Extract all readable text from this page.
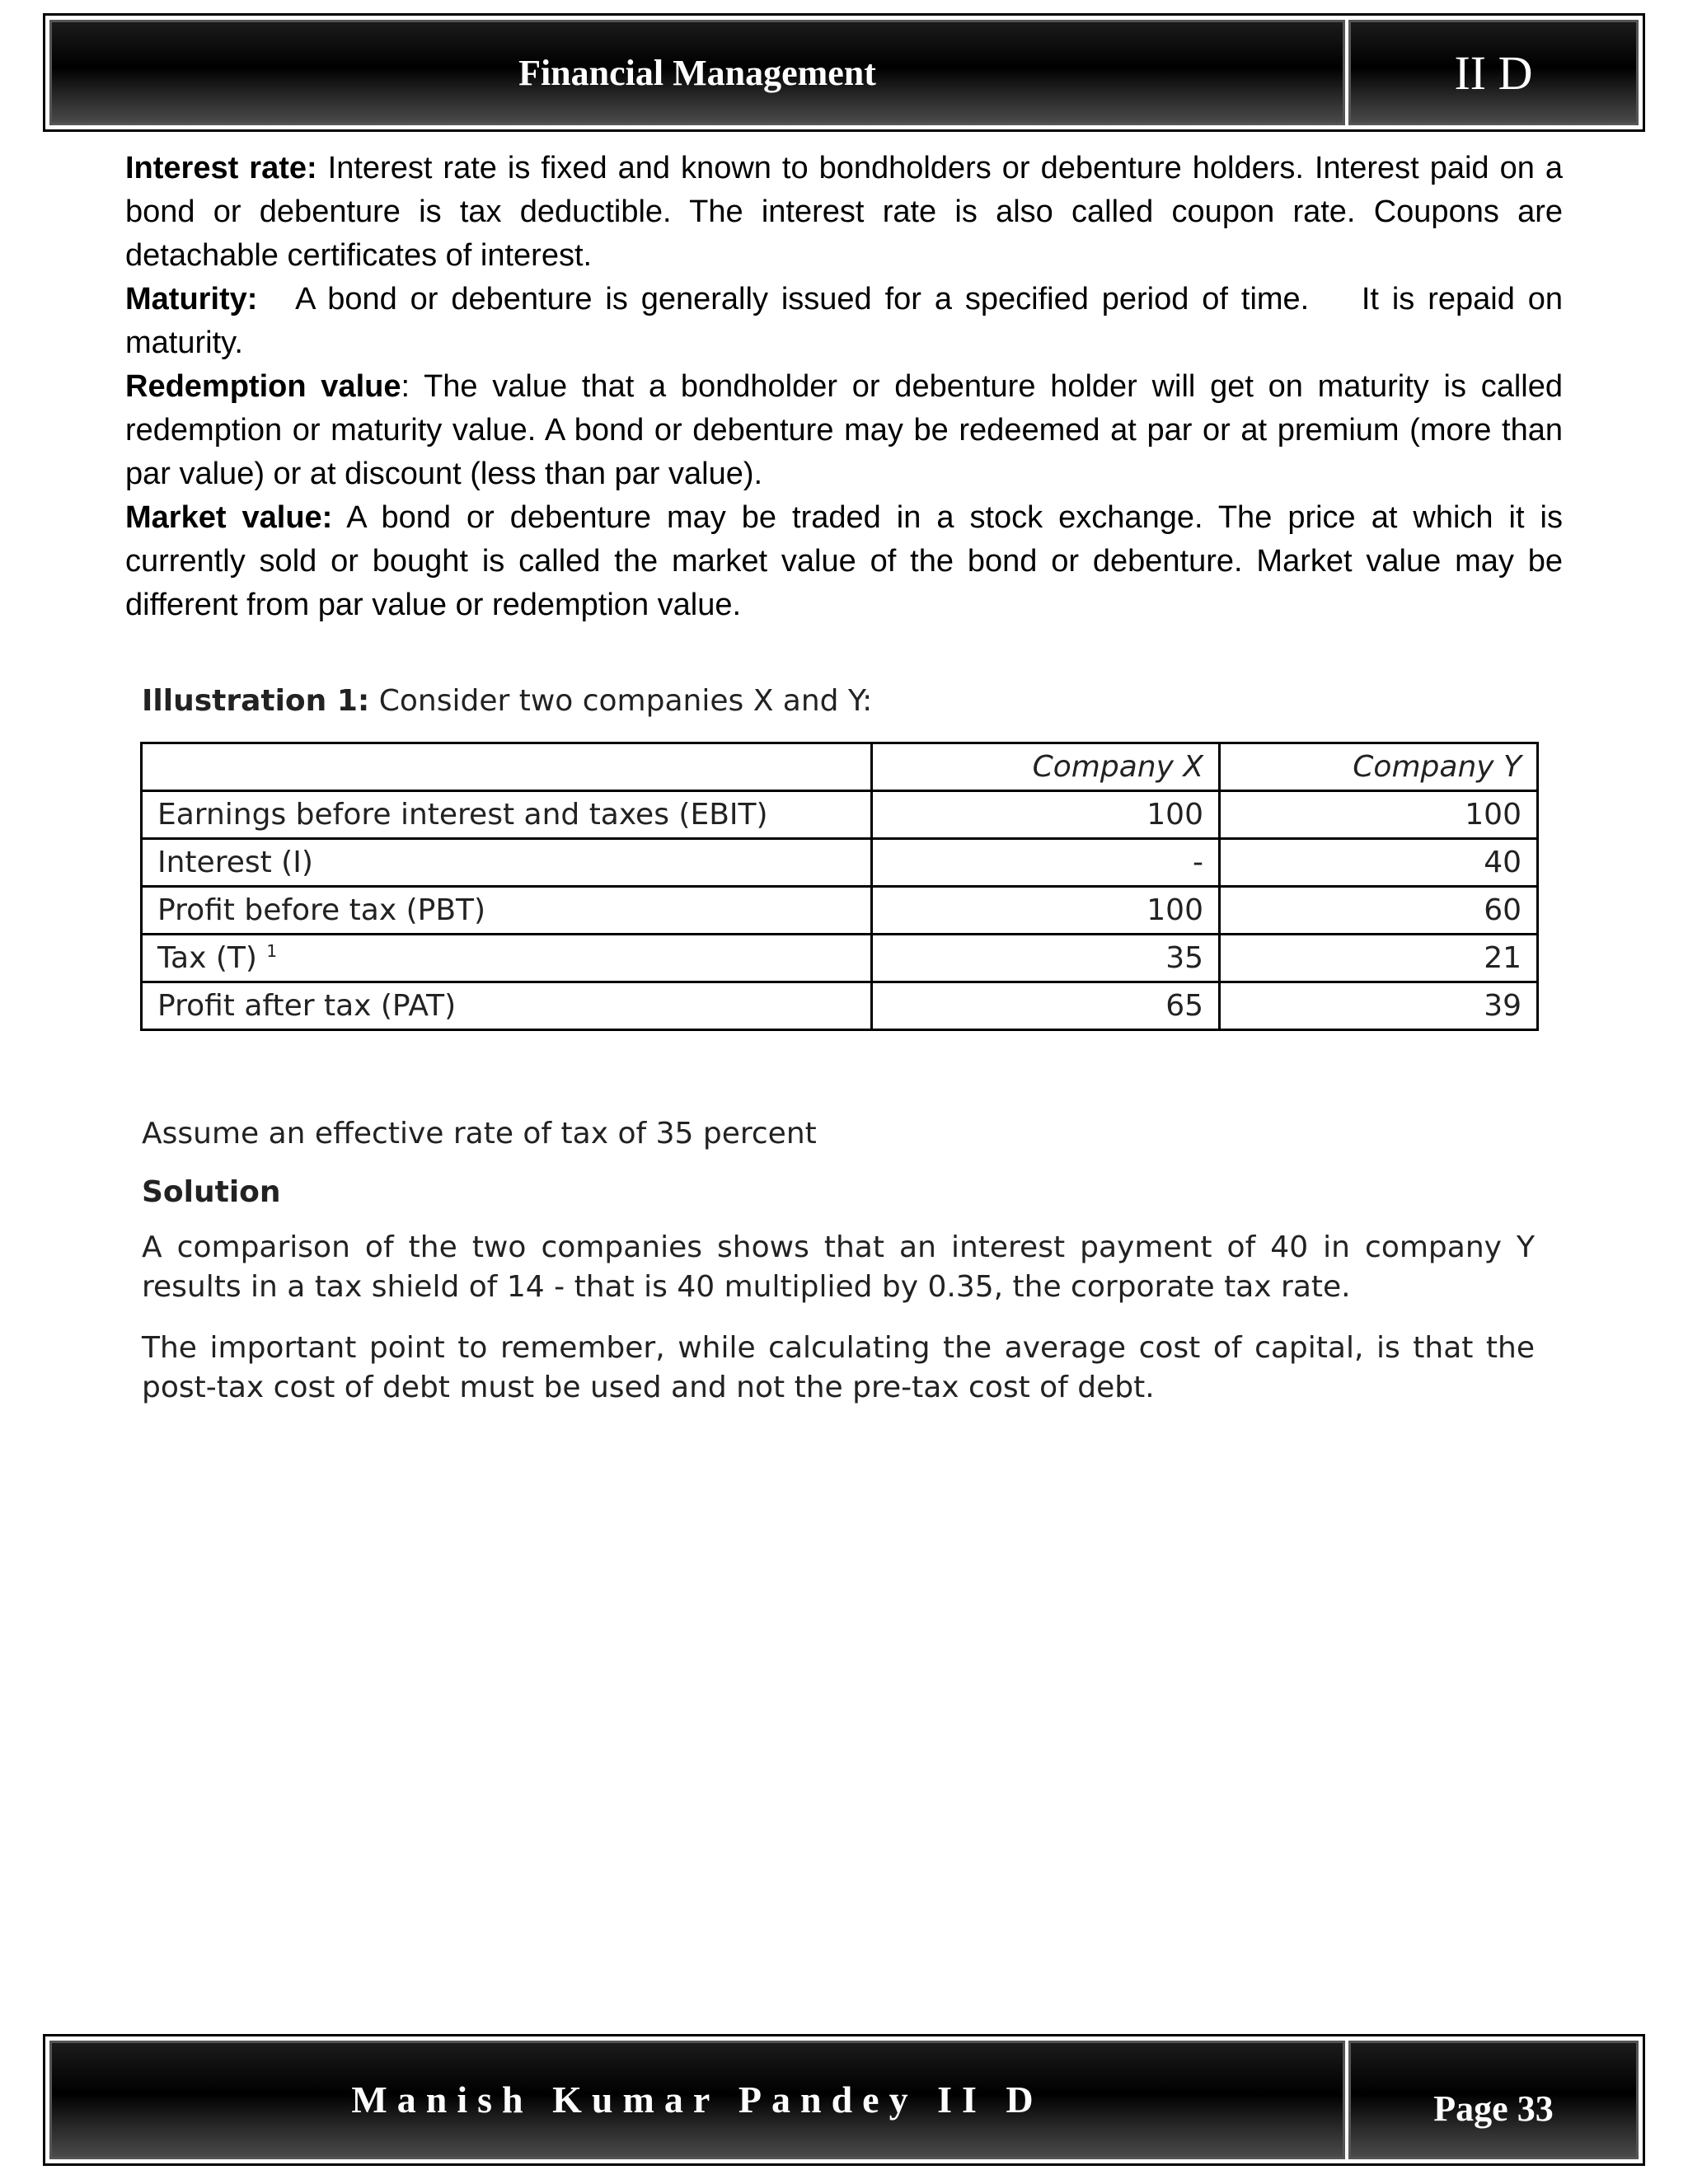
Financial Management	II D

Interest rate: Interest rate is fixed and known to bondholders or debenture holders. Interest paid on a bond or debenture is tax deductible. The interest rate is also called coupon rate. Coupons are detachable certificates of interest.

Maturity:   A bond or debenture is generally issued for a specified period of time.    It is repaid on maturity.

Redemption value: The value that a bondholder or debenture holder will get on maturity is called redemption or maturity value. A bond or debenture may be redeemed at par or at premium (more than par value) or at discount (less than par value).

Market value: A bond or debenture may be traded in a stock exchange. The price at which it is currently sold or bought is called the market value of the bond or debenture. Market value may be different from par value or redemption value.

Illustration 1: Consider two companies X and Y:
	Company X	Company Y
Earnings before interest and taxes (EBIT)	100	100
Interest (I)	-	40
Profit before tax (PBT)	100	60
Tax (T) $^1$	35	21
Profit after tax (PAT)	65	39
Assume an effective rate of tax of 35 percent
Solution
A comparison of the two companies shows that an interest payment of 40 in company Y results in a tax shield of 14 - that is 40 multiplied by 0.35, the corporate tax rate.
The important point to remember, while calculating the average cost of capital, is that the post-tax cost of debt must be used and not the pre-tax cost of debt.
Manish Kumar Pandey II D	Page 33
